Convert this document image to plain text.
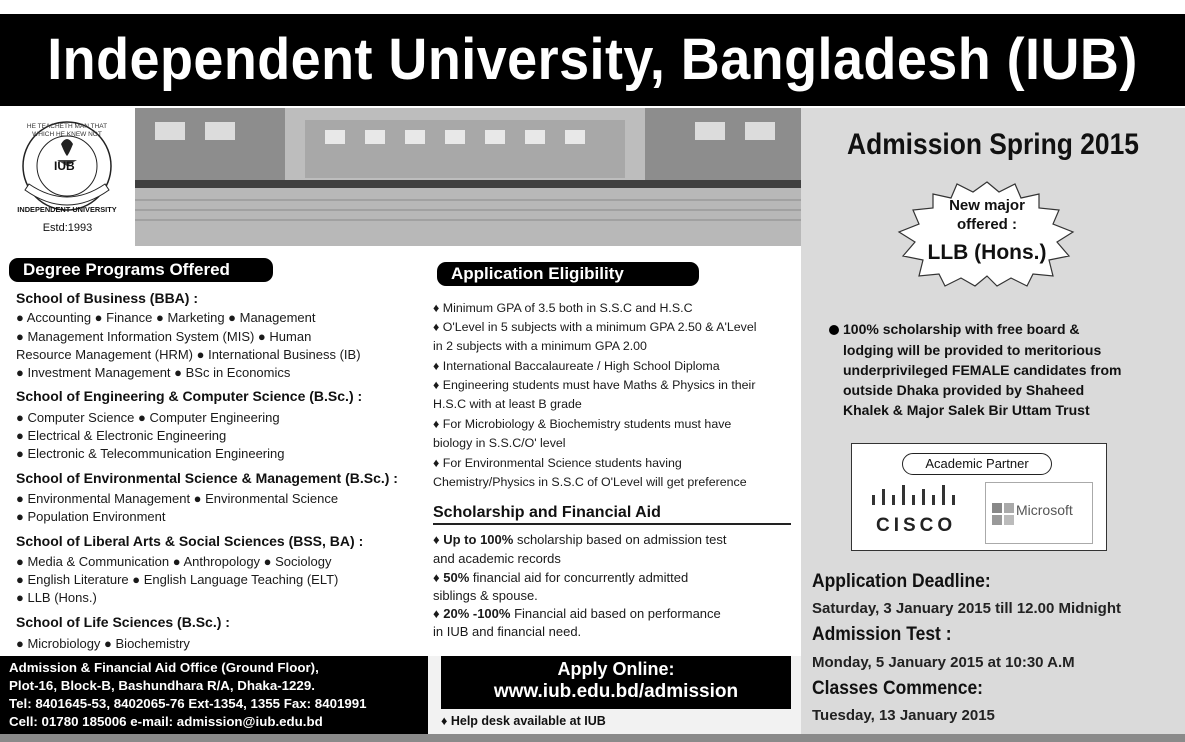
Independent University, Bangladesh (IUB)
IUB
HE TEACHETH MAN THAT WHICH HE KNEW NOT
INDEPENDENT UNIVERSITY
Estd:1993
Degree Programs Offered
School of Business (BBA) :
● Accounting ● Finance ● Marketing ● Management
● Management Information System (MIS) ● Human
Resource Management (HRM) ● International Business (IB)
● Investment Management ● BSc in Economics
School of Engineering & Computer Science (B.Sc.) :
● Computer Science ● Computer Engineering
● Electrical & Electronic Engineering
● Electronic & Telecommunication Engineering
School of Environmental Science & Management (B.Sc.) :
● Environmental Management ● Environmental Science
● Population Environment
School of Liberal Arts & Social Sciences (BSS, BA) :
● Media & Communication ● Anthropology ● Sociology
● English Literature ● English Language Teaching (ELT)
● LLB (Hons.)
School of Life Sciences (B.Sc.) :
● Microbiology ● Biochemistry
Application Eligibility
♦ Minimum GPA of 3.5 both in S.S.C and H.S.C
♦ O'Level in 5 subjects with a minimum GPA 2.50 & A'Level
in 2 subjects with a minimum GPA 2.00
♦ International Baccalaureate / High School Diploma
♦ Engineering students must have Maths & Physics in their
H.S.C with at least B grade
♦ For Microbiology & Biochemistry students must have
biology in S.S.C/O' level
♦ For Environmental Science students having
Chemistry/Physics in S.S.C of O'Level will get preference
Scholarship and Financial Aid
♦ Up to 100% scholarship based on admission test
and academic records
♦ 50% financial aid for concurrently admitted
siblings & spouse.
♦ 20% -100% Financial aid based on performance
in IUB and financial need.
Admission Spring 2015
New major
offered :
LLB (Hons.)
100% scholarship with free board &
lodging will be provided to meritorious
underprivileged FEMALE candidates from
outside Dhaka provided by Shaheed
Khalek & Major Salek Bir Uttam Trust
Academic Partner
CISCO
Microsoft
Application Deadline:
Saturday, 3 January 2015 till 12.00 Midnight
Admission Test :
Monday, 5 January 2015 at 10:30 A.M
Classes Commence:
Tuesday, 13 January 2015
Admission & Financial Aid Office (Ground Floor),
Plot-16, Block-B, Bashundhara R/A, Dhaka-1229.
Tel: 8401645-53, 8402065-76 Ext-1354, 1355 Fax: 8401991
Cell: 01780 185006 e-mail: admission@iub.edu.bd
Apply Online:
www.iub.edu.bd/admission
♦ Help desk available at IUB
